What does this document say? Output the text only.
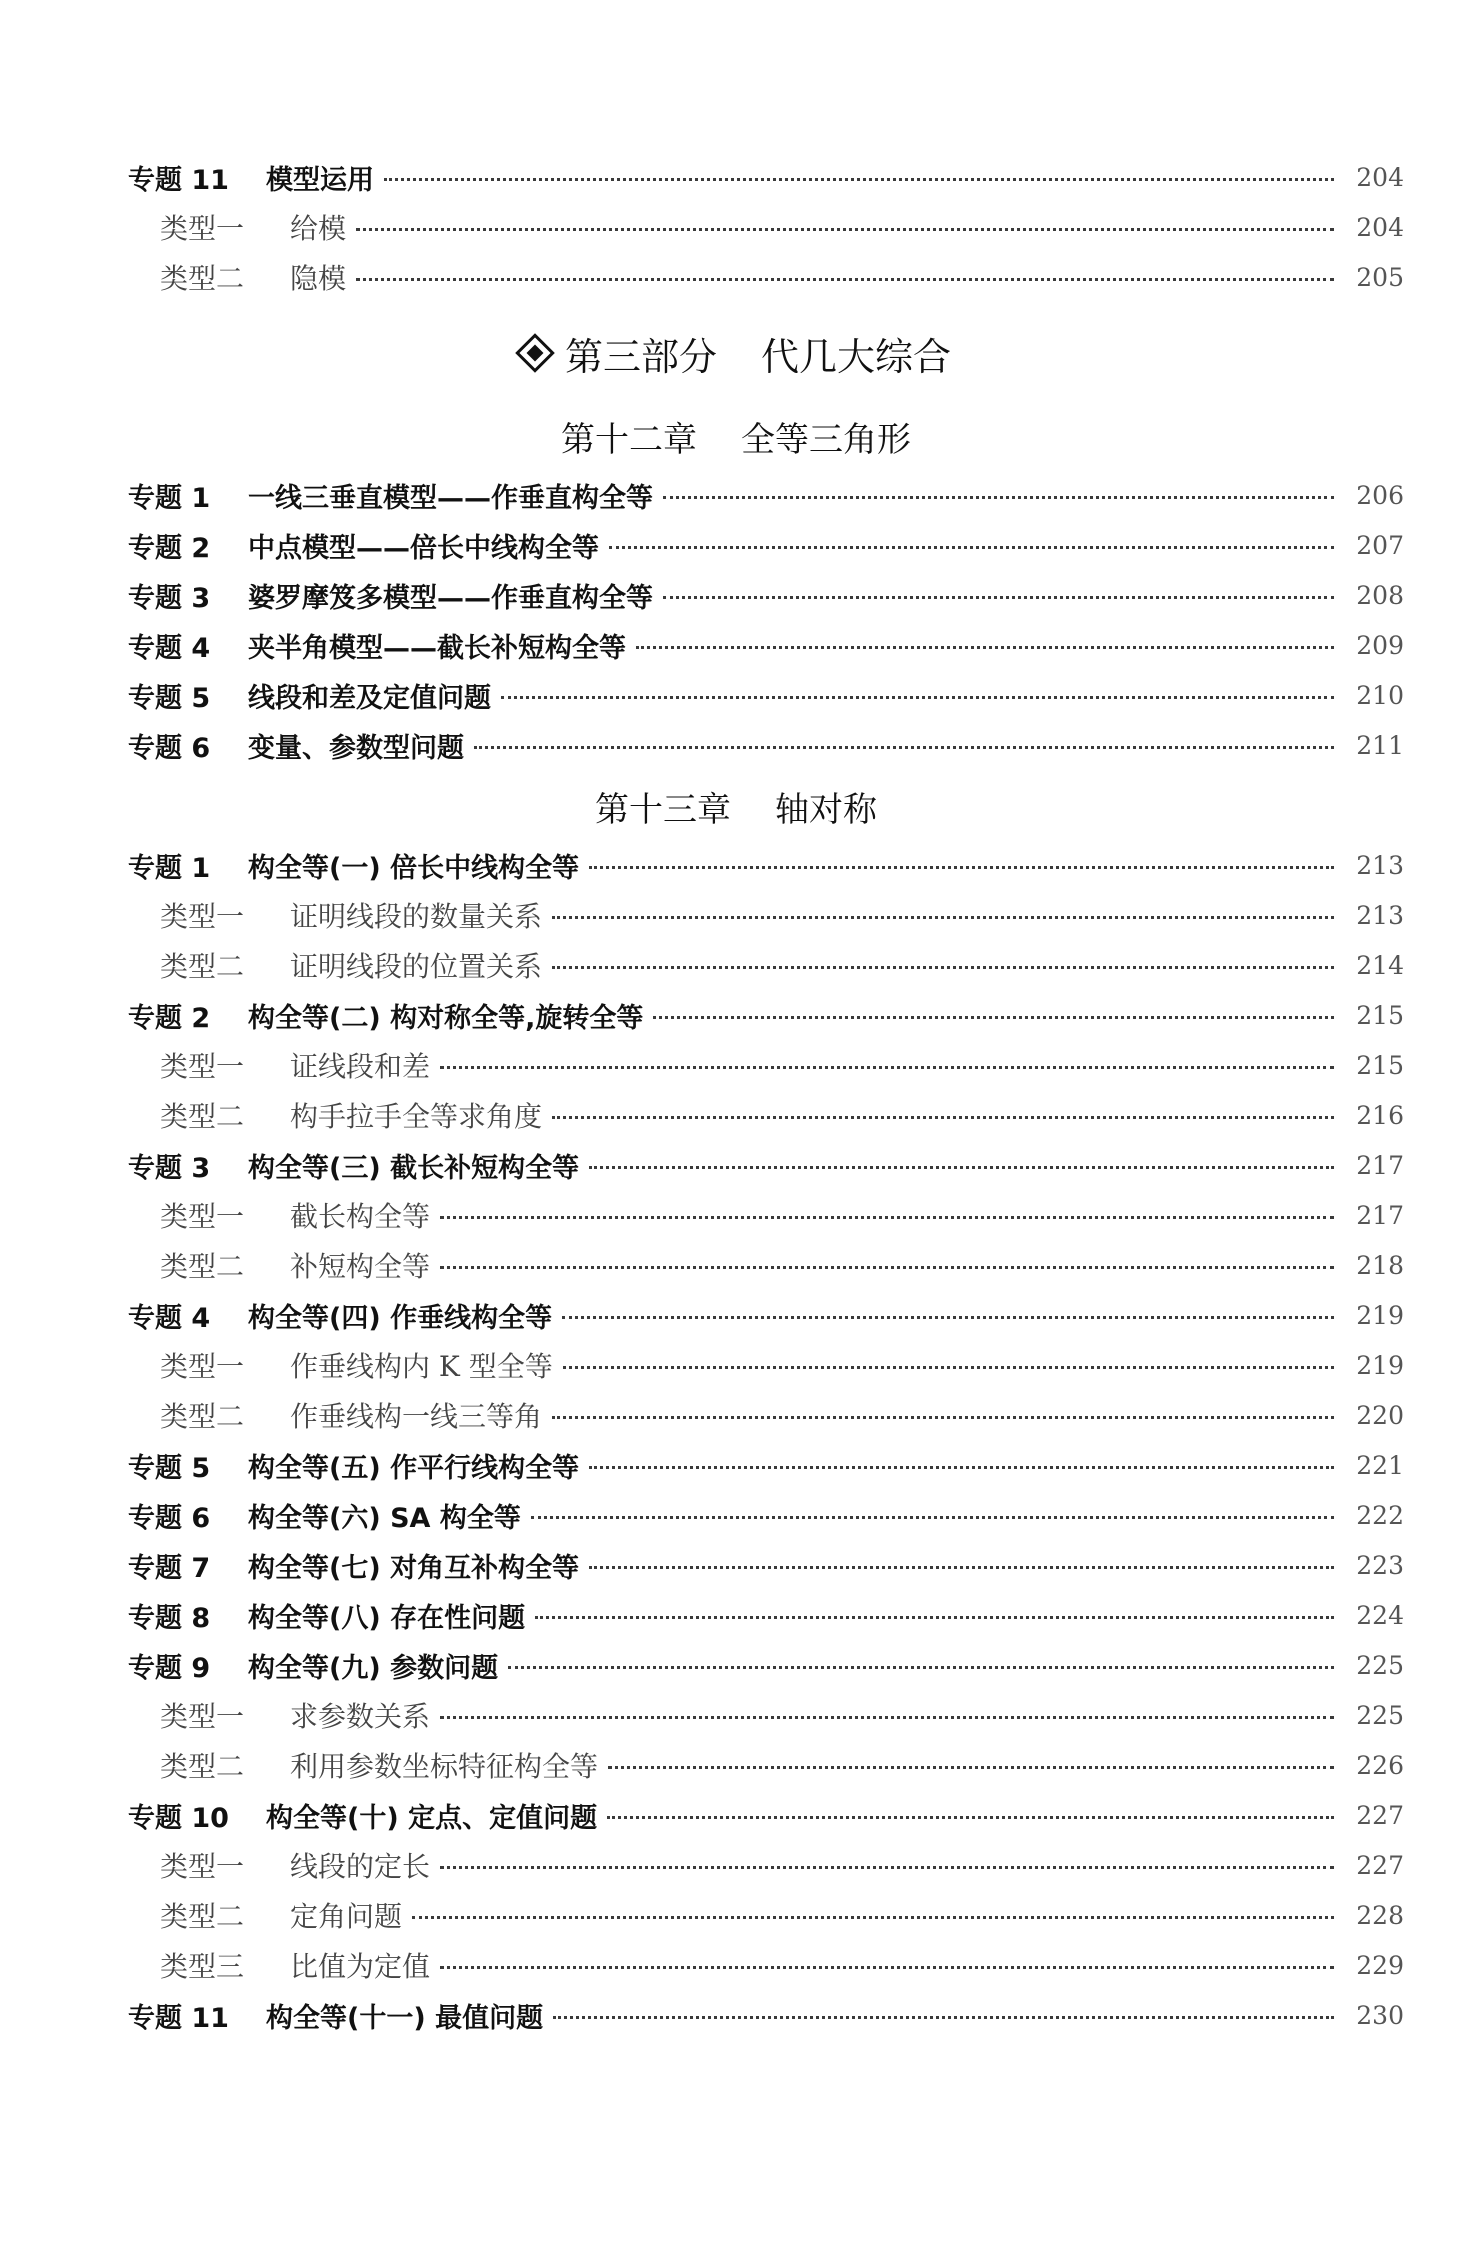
专题 11	模型运用	204
类型一	给模	204
类型二	隐模	205
第三部分 代几大综合
第十二章 全等三角形
专题 1	一线三垂直模型——作垂直构全等	206
专题 2	中点模型——倍长中线构全等	207
专题 3	婆罗摩笈多模型——作垂直构全等	208
专题 4	夹半角模型——截长补短构全等	209
专题 5	线段和差及定值问题	210
专题 6	变量、参数型问题	211
第十三章 轴对称
专题 1	构全等(一) 倍长中线构全等	213
类型一	证明线段的数量关系	213
类型二	证明线段的位置关系	214
专题 2	构全等(二) 构对称全等,旋转全等	215
类型一	证线段和差	215
类型二	构手拉手全等求角度	216
专题 3	构全等(三) 截长补短构全等	217
类型一	截长构全等	217
类型二	补短构全等	218
专题 4	构全等(四) 作垂线构全等	219
类型一	作垂线构内 K 型全等	219
类型二	作垂线构一线三等角	220
专题 5	构全等(五) 作平行线构全等	221
专题 6	构全等(六) SA 构全等	222
专题 7	构全等(七) 对角互补构全等	223
专题 8	构全等(八) 存在性问题	224
专题 9	构全等(九) 参数问题	225
类型一	求参数关系	225
类型二	利用参数坐标特征构全等	226
专题 10	构全等(十) 定点、定值问题	227
类型一	线段的定长	227
类型二	定角问题	228
类型三	比值为定值	229
专题 11	构全等(十一) 最值问题	230
